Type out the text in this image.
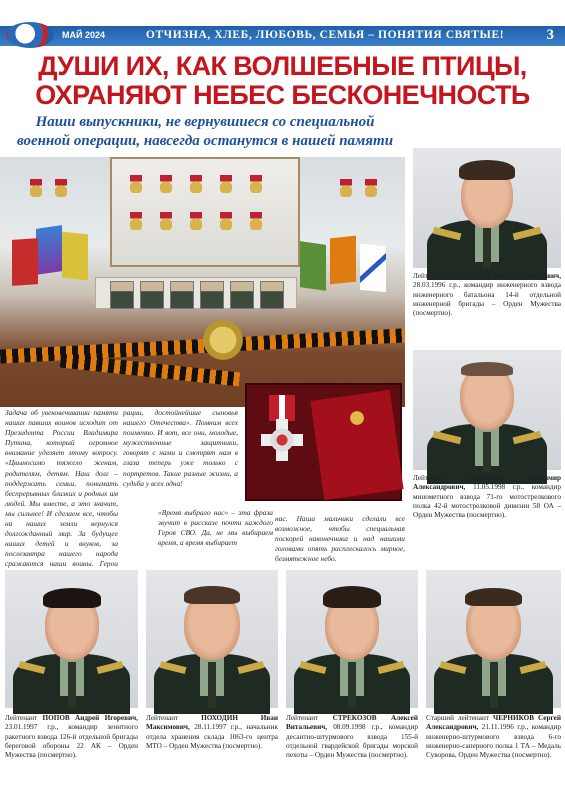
МАЙ 2024	ОТЧИЗНА, ХЛЕБ, ЛЮБОВЬ, СЕМЬЯ – ПОНЯТИЯ СВЯТЫЕ!	3
ДУШИ ИХ, КАК ВОЛШЕБНЫЕ ПТИЦЫ,
ОХРАНЯЮТ НЕБЕС БЕСКОНЕЧНОСТЬ
Наши выпускники, не вернувшиеся со специальной
военной операции, навсегда останутся в нашей памяти
Задача об увековечивании памяти наших павших воинов исходит от Президента России Владимира Путина, который огромное внимание уделяет этому вопросу. «Цвыносимо тяжело женам, родителям, детям. Наш долг – поддержать семьи, понимать беспрерывных близких и родных им людей. Мы вместе, а это значит, мы сильнее! И сделаем все, чтобы на наших земли вернулся долгожданный мир. За будущее наших детей и внуков, за послезавтра нашего народа сражаются наши воины. Герои
рации, достойнейшие сыновья нашего Отечества». Помним всех поименно. И вот, все они, молодые, мужественные защитники, говорят с нами и смотрят нам в глаза теперь уже только с портретов. Такие разные жизни, а судьба у всех одна!
«Время выбрало нас» – эта фраза звучит в рассказе почти каждого Героя СВО. Да, не мы выбираем время, а время выбирает
нас. Наши мальчики сделали все возможное, чтобы специальная поскорей наконечника и над нашими головами опять расплескалось мирное, безмятежное небо.
Лейтенант ЕВСТАФЬЕВ Кирилл Алексеевич, 28.03.1996 г.р., командир инженерного взвода инженерного батальона 14-й отдельной инженерной бригады – Орден Мужества (посмертно).
Лейтенант	КИНДРИК Владимир Александрович, 11.05.1998 г.р., командир минометного взвода 71-го мотострелкового полка 42-й мотострелковой дивизии 58 ОА – Орден Мужества (посмертно).
Лейтенант ПОПОВ Андрей Игоревич, 23.01.1997 г.р., командир зенитного ракетного взвода 126-й отдельной бригады береговой обороны 22 АК – Орден Мужества (посмертно).
Лейтенант	ПОХОДИН Иван Максимович, 28.11.1997 г.р., начальник отдела хранения склада 1063-го центра МТО – Орден Мужества (посмертно).
Лейтенант СТРЕКОЗОВ Алексей Витальевич, 08.09.1998 г.р., командир десантно-штурмового взвода 155-й отдельной гвардейской бригады морской пехоты – Орден Мужества (посмертно).
Старший лейтенант ЧЕРНИКОВ Сергей Александрович, 21.11.1996 г.р., командир инженерно-штурмового взвода 6-го инженерно-саперного полка 1 ТА – Медаль Суворова, Орден Мужества (посмертно).
